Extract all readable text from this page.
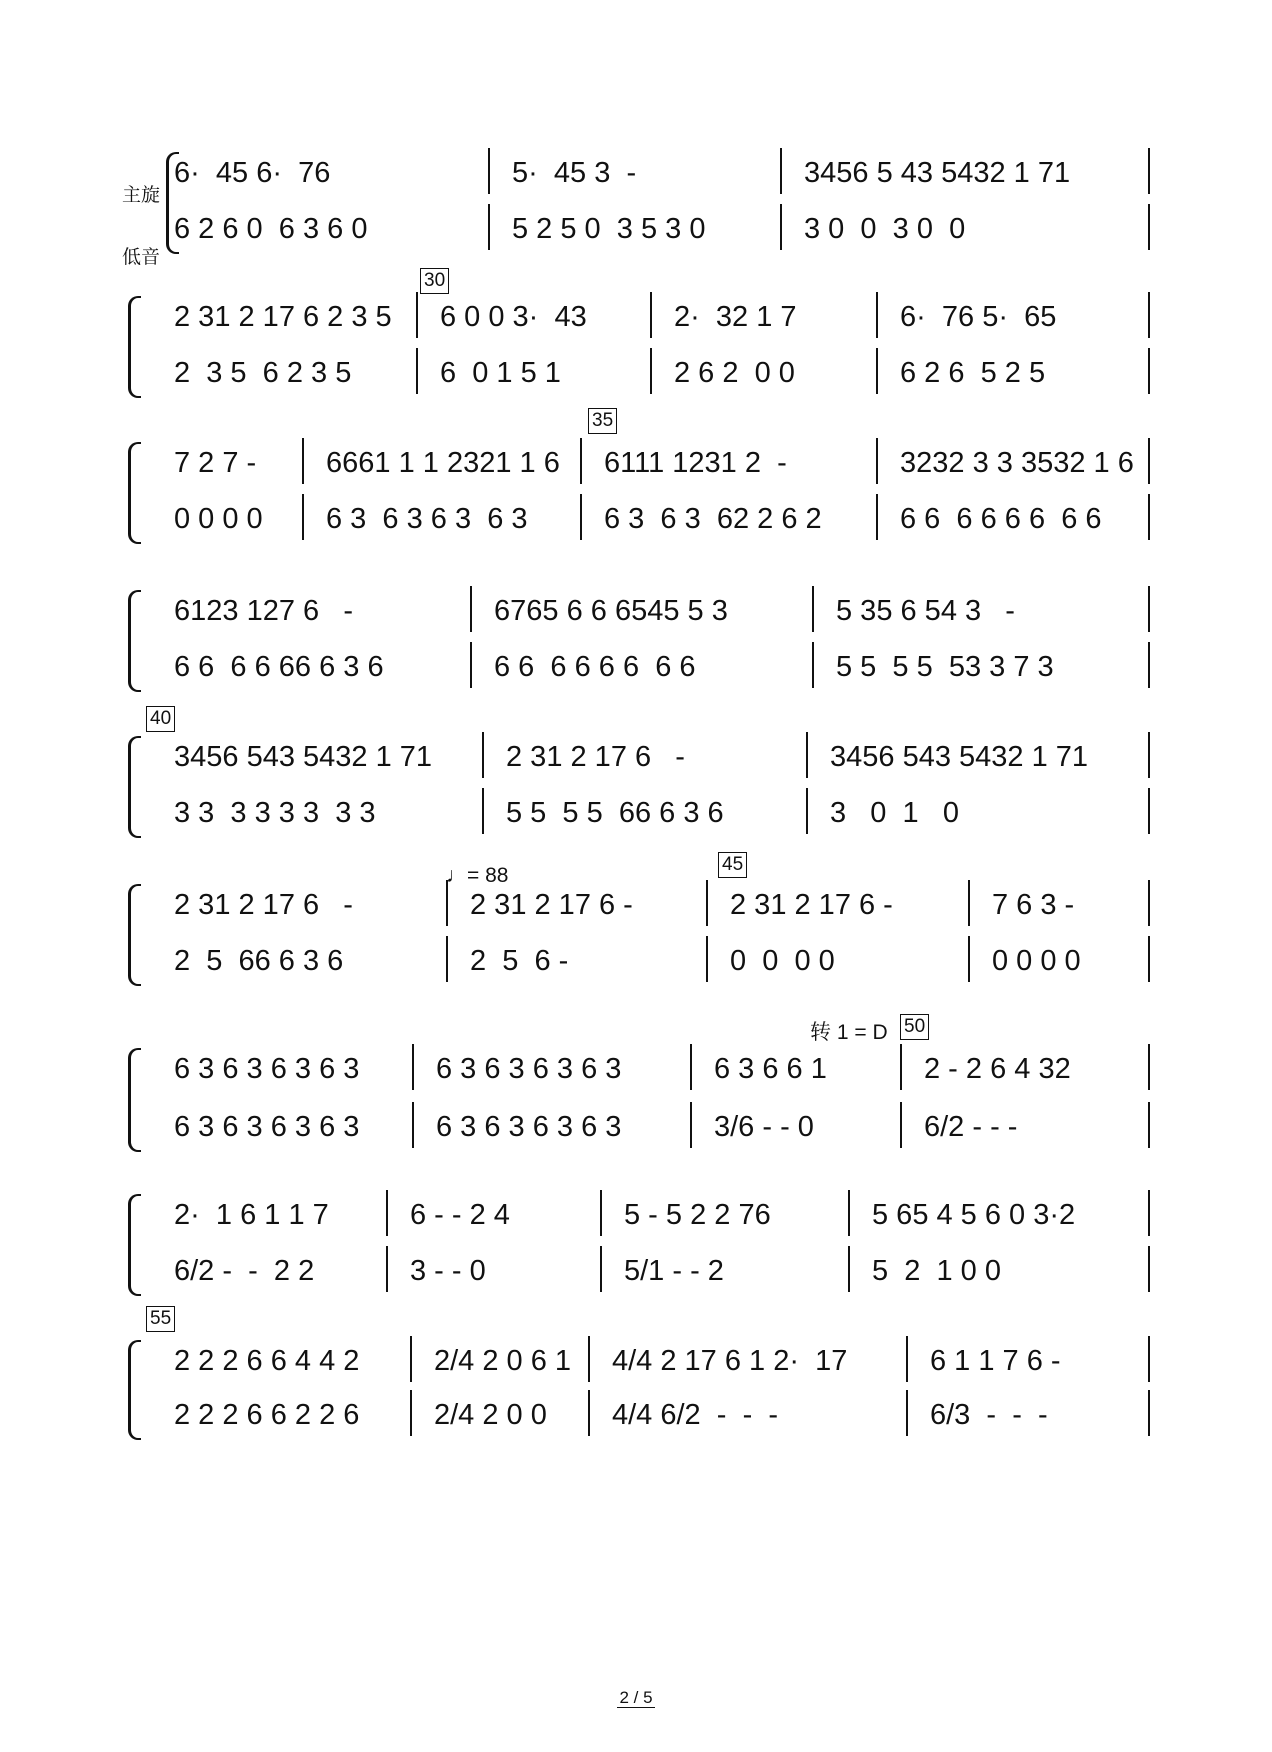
主旋
低音
6·  45 6·  76	5·  45 3  -	3456 5 43 5432 1 71
6 2 6 0  6 3 6 0	5 2 5 0  3 5 3 0	3 0  0  3 0  0
2 31 2 17 6 2 3 5	6 0 0 3·  43	2·  32 1 7	6·  76 5·  65
2  3 5  6 2 3 5	6  0 1 5 1	2 6 2  0 0	6 2 6  5 2 5
7 2 7 -	6661 1 1 2321 1 6	6111 1231 2  -	3232 3 3 3532 1 6
0 0 0 0	6 3  6 3 6 3  6 3	6 3  6 3  62 2 6 2	6 6  6 6 6 6  6 6
6123 127 6   -	6765 6 6 6545 5 3	5 35 6 54 3   -
6 6  6 6 66 6 3 6	6 6  6 6 6 6  6 6	5 5  5 5  53 3 7 3
3456 543 5432 1 71	2 31 2 17 6   -	3456 543 5432 1 71
3 3  3 3 3 3  3 3	5 5  5 5  66 6 3 6	3   0  1   0
2 31 2 17 6   -	2 31 2 17 6 -	2 31 2 17 6 -	7 6 3 -
2  5  66 6 3 6	2  5  6 -	0  0  0 0	0 0 0 0
6 3 6 3 6 3 6 3	6 3 6 3 6 3 6 3	6 3 6 6 1	2 - 2 6 4 32
6 3 6 3 6 3 6 3	6 3 6 3 6 3 6 3	3/6 - - 0	6/2 - - -
2·  1 6 1 1 7	6 - - 2 4	5 - 5 2 2 76	5 65 4 5 6 0 3·2
6/2 -  -  2 2	3 - - 0	5/1 - - 2	5  2  1 0 0
2 2 2 6 6 4 4 2	2/4 2 0 6 1	4/4 2 17 6 1 2·  17	6 1 1 7 6 -
2 2 2 6 6 2 2 6	2/4 2 0 0	4/4 6/2  -  -  -	6/3  -  -  -
30
35
40
45
50
55
♩= 88
转 1 = D
2 / 5
